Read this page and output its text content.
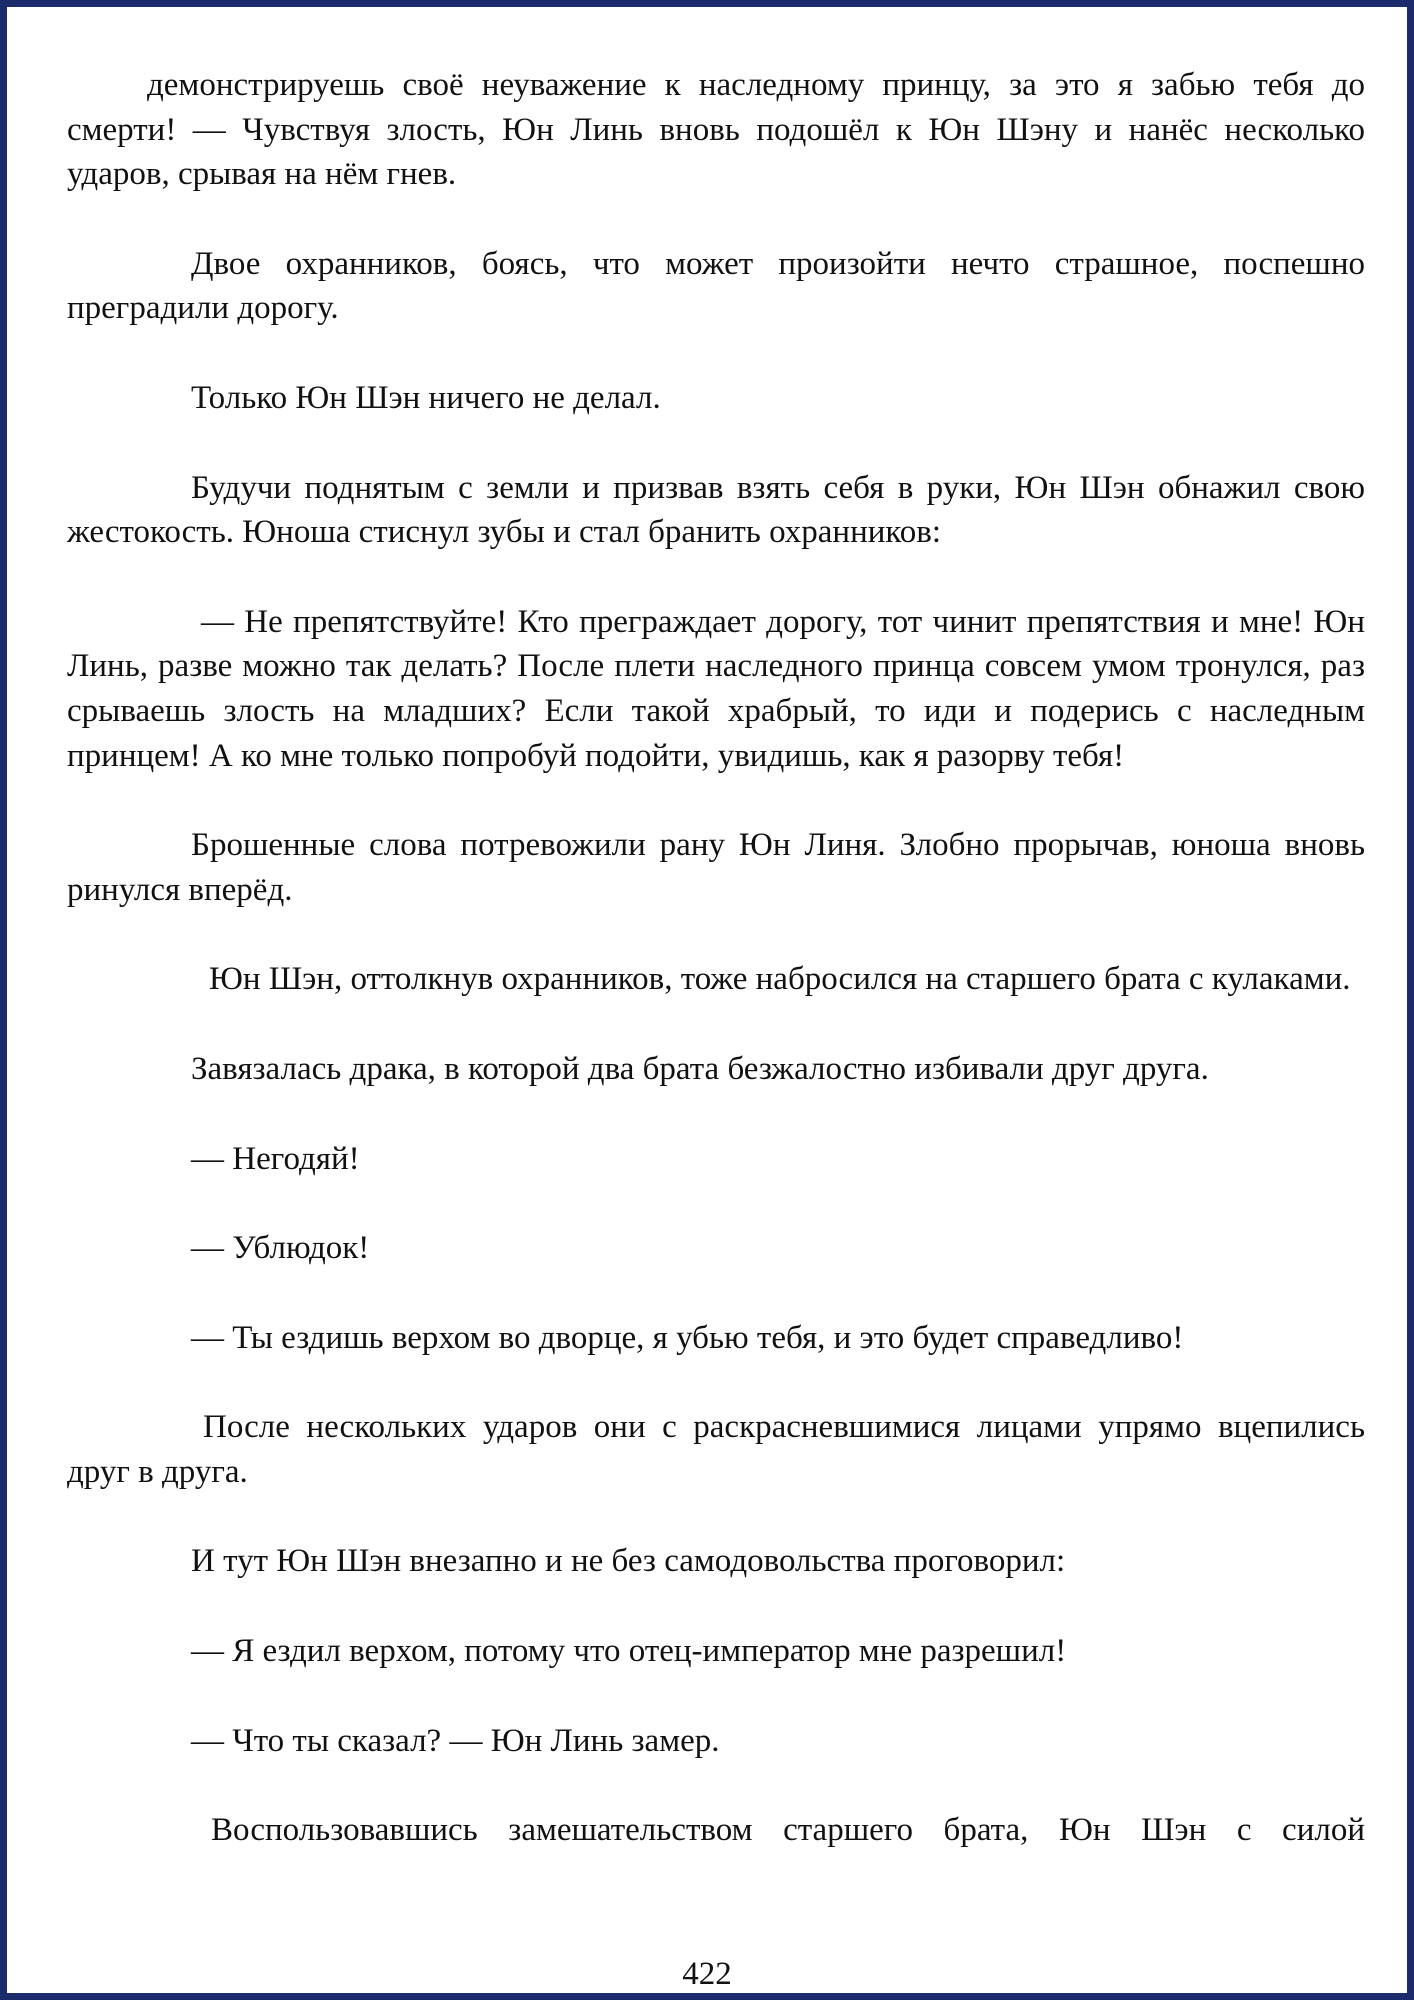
демонстрируешь своё неуважение к наследному принцу, за это я забью тебя до смерти! — Чувствуя злость, Юн Линь вновь подошёл к Юн Шэну и нанёс несколько ударов, срывая на нём гнев.

Двое охранников, боясь, что может произойти нечто страшное, поспешно преградили дорогу.

Только Юн Шэн ничего не делал.

Будучи поднятым с земли и призвав взять себя в руки, Юн Шэн обнажил свою жестокость. Юноша стиснул зубы и стал бранить охранников:

— Не препятствуйте! Кто преграждает дорогу, тот чинит препятствия и мне! Юн Линь, разве можно так делать? После плети наследного принца совсем умом тронулся, раз срываешь злость на младших? Если такой храбрый, то иди и подерись с наследным принцем! А ко мне только попробуй подойти, увидишь, как я разорву тебя!

Брошенные слова потревожили рану Юн Линя. Злобно прорычав, юноша вновь ринулся вперёд.

Юн Шэн, оттолкнув охранников, тоже набросился на старшего брата с кулаками.

Завязалась драка, в которой два брата безжалостно избивали друг друга.

— Негодяй!

— Ублюдок!

— Ты ездишь верхом во дворце, я убью тебя, и это будет справедливо!

После нескольких ударов они с раскрасневшимися лицами упрямо вцепились друг в друга.

И тут Юн Шэн внезапно и не без самодовольства проговорил:

— Я ездил верхом, потому что отец-император мне разрешил!

— Что ты сказал? — Юн Линь замер.

Воспользовавшись замешательством старшего брата, Юн Шэн с силой

422
